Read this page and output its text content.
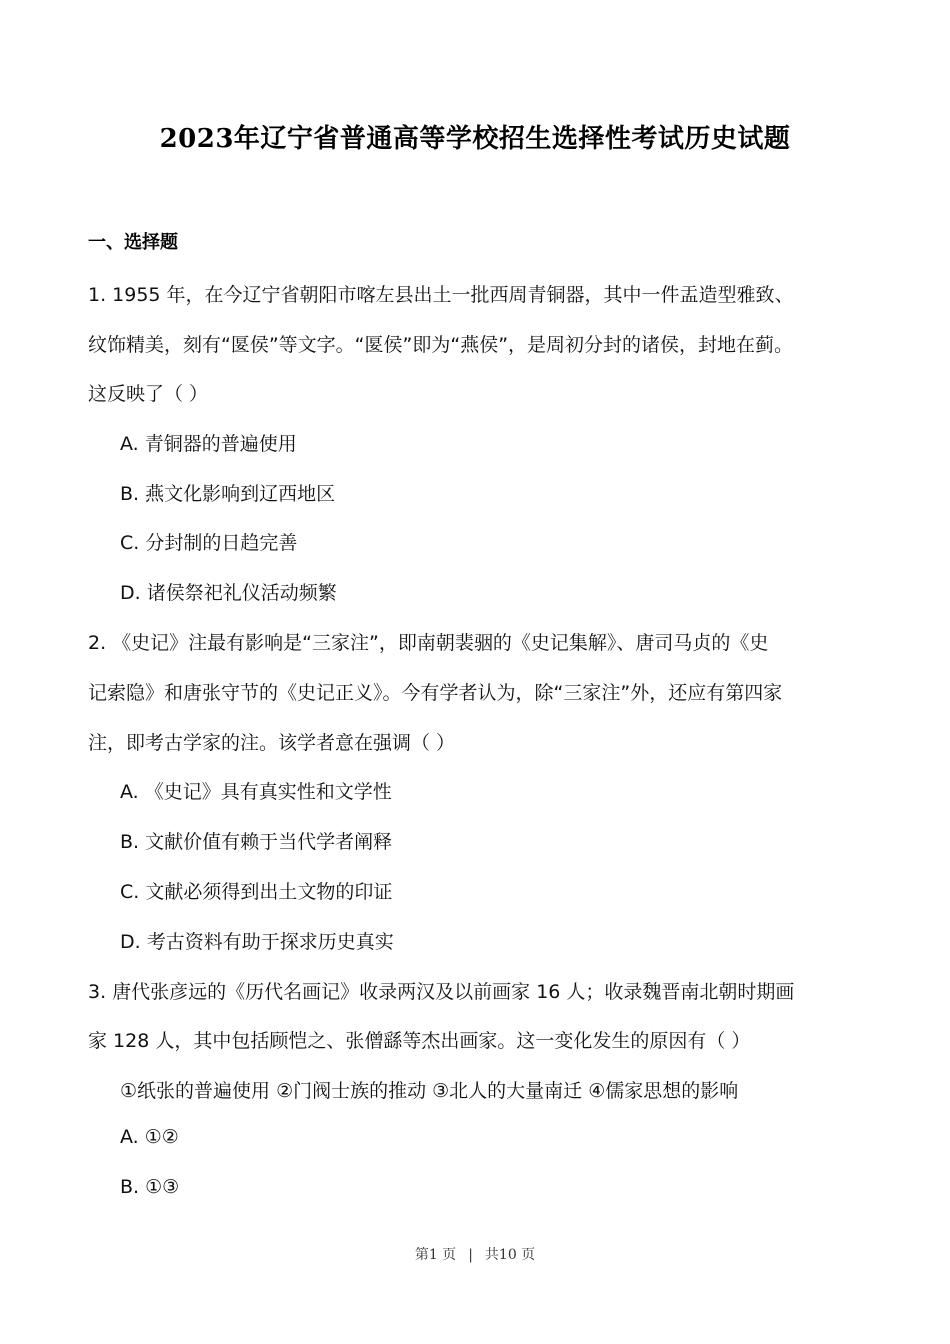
2023年辽宁省普通高等学校招生选择性考试历史试题
一、选择题
1. 1955 年，在今辽宁省朝阳市喀左县出土一批西周青铜器，其中一件盂造型雅致、
纹饰精美，刻有“匽侯”等文字。“匽侯”即为“燕侯”，是周初分封的诸侯，封地在蓟。
这反映了（ ）
A. 青铜器的普遍使用
B. 燕文化影响到辽西地区
C. 分封制的日趋完善
D. 诸侯祭祀礼仪活动频繁
2. 《史记》注最有影响是“三家注”，即南朝裴骃的《史记集解》、唐司马贞的《史
记索隐》和唐张守节的《史记正义》。今有学者认为，除“三家注”外，还应有第四家
注，即考古学家的注。该学者意在强调（ ）
A. 《史记》具有真实性和文学性
B. 文献价值有赖于当代学者阐释
C. 文献必须得到出土文物的印证
D. 考古资料有助于探求历史真实
3. 唐代张彦远的《历代名画记》收录两汉及以前画家 16 人；收录魏晋南北朝时期画
家 128 人，其中包括顾恺之、张僧繇等杰出画家。这一变化发生的原因有（ ）
①纸张的普遍使用 ②门阀士族的推动 ③北人的大量南迁 ④儒家思想的影响
A. ①②
B. ①③
第1 页 | 共10 页
